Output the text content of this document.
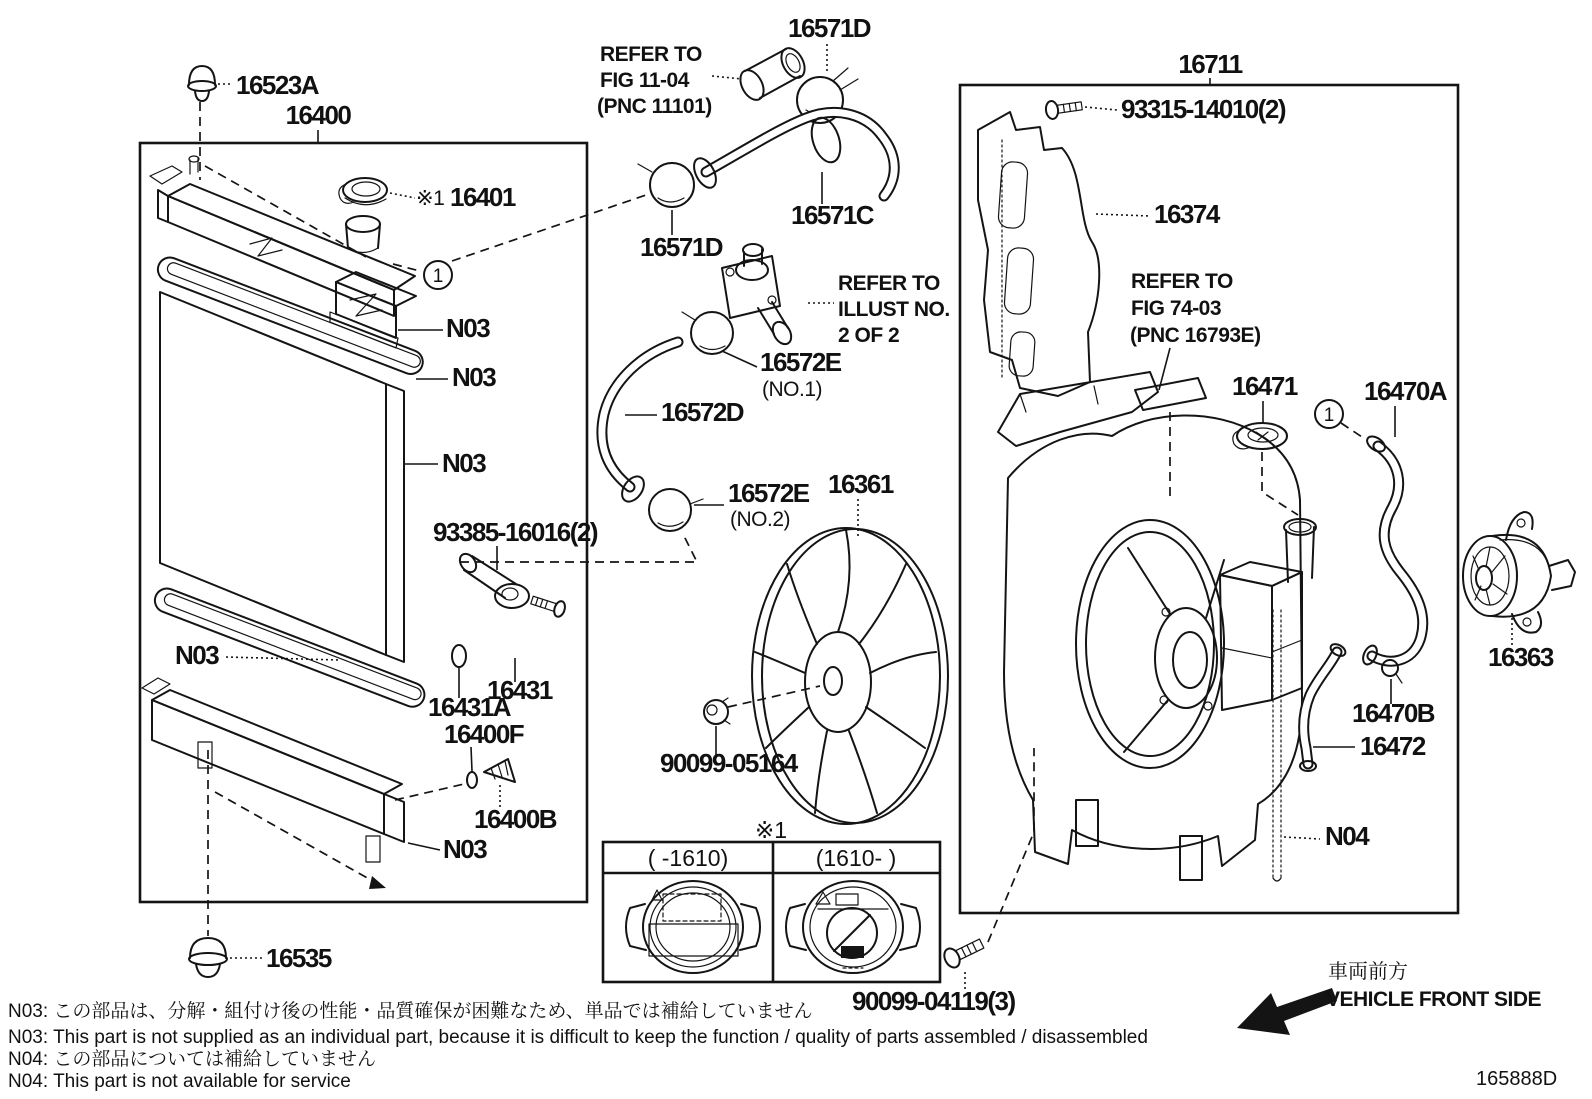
1
1
16523A
16400
※1 16401
N03
N03
N03
N03
N03
93385-16016(2)
16431
16431A
16400F
16400B
16535
REFER TO
FIG 11-04
(PNC 11101)
16571D
16571C
16571D
REFER TO
ILLUST NO.
2 OF 2
16572E
(NO.1)
16572D
16572E
(NO.2)
16361
90099-05164
90099-04119(3)
16711
93315-14010(2)
16374
REFER TO
FIG 74-03
(PNC 16793E)
16471	16470A
16470B
16472
16363
N04
※1
( -1610)	(1610- )
N03: この部品は、分解・組付け後の性能・品質確保が困難なため、単品では補給していません
N03: This part is not supplied as an individual part, because it is difficult to keep the function / quality of parts assembled / disassembled
N04: この部品については補給していません
N04: This part is not available for service
車両前方
VEHICLE FRONT SIDE
165888D
